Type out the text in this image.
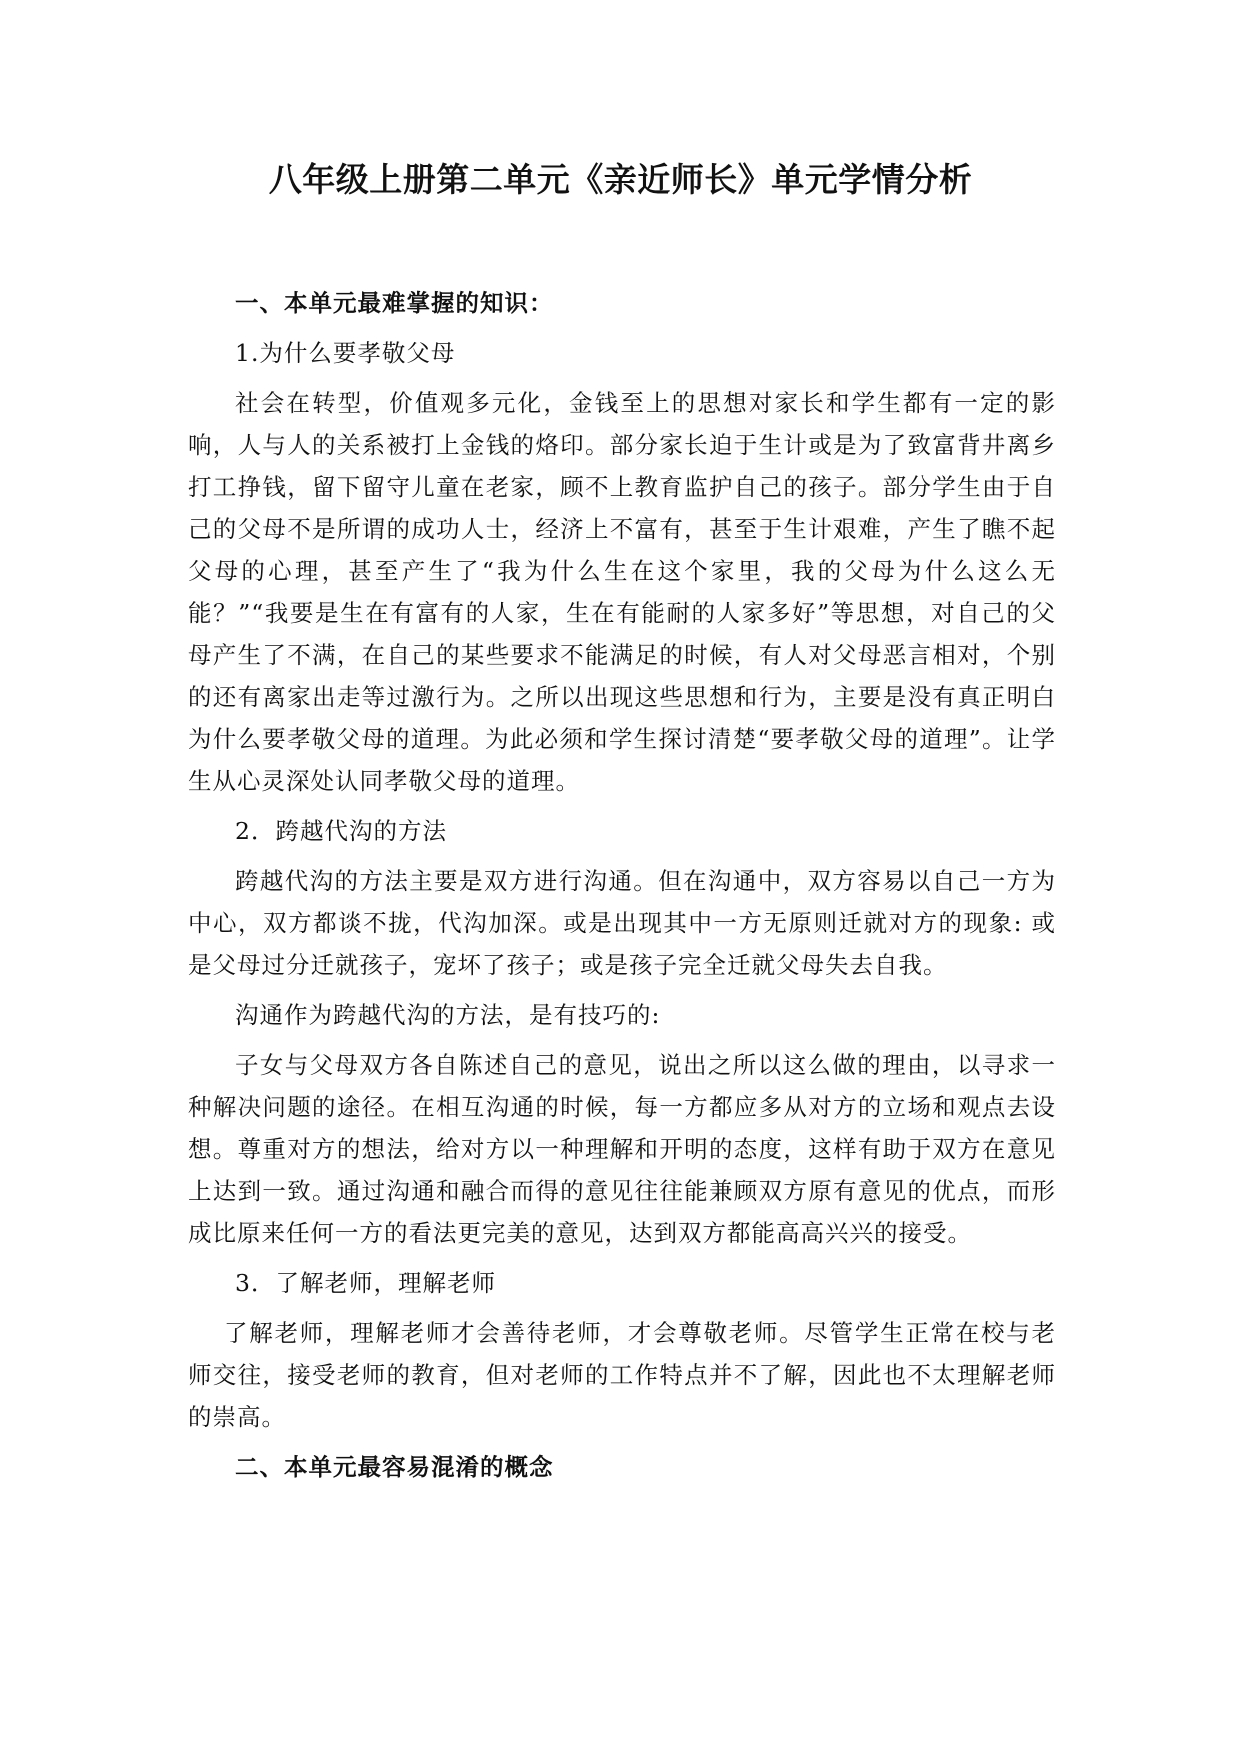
八年级上册第二单元《亲近师长》单元学情分析

一、本单元最难掌握的知识：

1.为什么要孝敬父母

社会在转型，价值观多元化，金钱至上的思想对家长和学生都有一定的影响，人与人的关系被打上金钱的烙印。部分家长迫于生计或是为了致富背井离乡打工挣钱，留下留守儿童在老家，顾不上教育监护自己的孩子。部分学生由于自己的父母不是所谓的成功人士，经济上不富有，甚至于生计艰难，产生了瞧不起父母的心理，甚至产生了“我为什么生在这个家里，我的父母为什么这么无能？”“我要是生在有富有的人家，生在有能耐的人家多好”等思想，对自己的父母产生了不满，在自己的某些要求不能满足的时候，有人对父母恶言相对，个别的还有离家出走等过激行为。之所以出现这些思想和行为，主要是没有真正明白为什么要孝敬父母的道理。为此必须和学生探讨清楚“要孝敬父母的道理”。让学生从心灵深处认同孝敬父母的道理。

2．跨越代沟的方法

跨越代沟的方法主要是双方进行沟通。但在沟通中，双方容易以自己一方为中心，双方都谈不拢，代沟加深。或是出现其中一方无原则迁就对方的现象: 或是父母过分迁就孩子，宠坏了孩子；或是孩子完全迁就父母失去自我。

沟通作为跨越代沟的方法，是有技巧的:

子女与父母双方各自陈述自己的意见，说出之所以这么做的理由，以寻求一种解决问题的途径。在相互沟通的时候，每一方都应多从对方的立场和观点去设想。尊重对方的想法，给对方以一种理解和开明的态度，这样有助于双方在意见上达到一致。通过沟通和融合而得的意见往往能兼顾双方原有意见的优点，而形成比原来任何一方的看法更完美的意见，达到双方都能高高兴兴的接受。

3．了解老师，理解老师

了解老师，理解老师才会善待老师，才会尊敬老师。尽管学生正常在校与老师交往，接受老师的教育，但对老师的工作特点并不了解，因此也不太理解老师的崇高。

二、本单元最容易混淆的概念
